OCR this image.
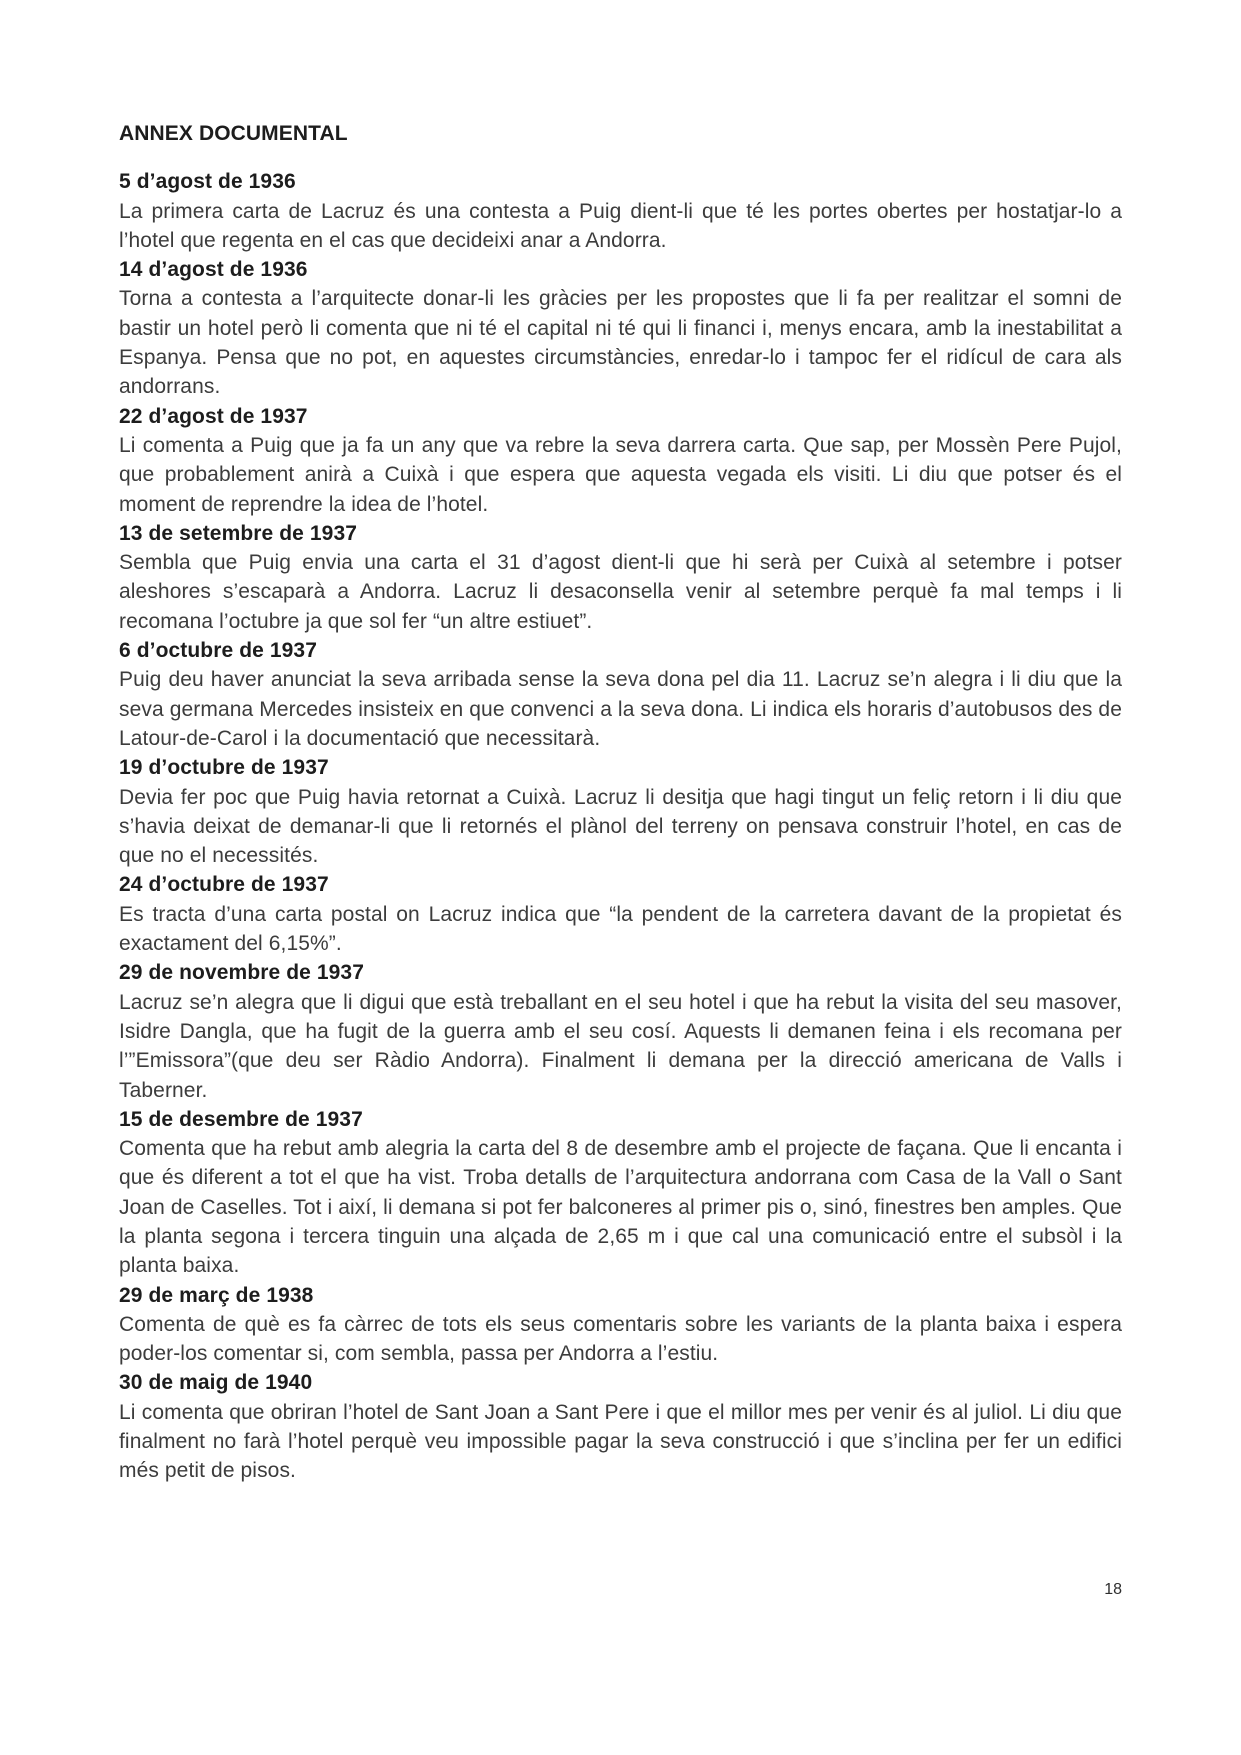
ANNEX DOCUMENTAL
5 d’agost de 1936

La primera carta de Lacruz és una contesta a Puig dient-li que té les portes obertes per hostatjar-lo a l’hotel que regenta en el cas que decideixi anar a Andorra.

14 d’agost de 1936

Torna a contesta a l’arquitecte donar-li les gràcies per les propostes que li fa per realitzar el somni de bastir un hotel però li comenta que ni té el capital ni té qui li financi i, menys encara, amb la inestabilitat a Espanya. Pensa que no pot, en aquestes circumstàncies, enredar-lo i tampoc fer el ridícul de cara als andorrans.

22 d’agost de 1937

Li comenta a Puig que ja fa un any que va rebre la seva darrera carta. Que sap, per Mossèn Pere Pujol, que probablement anirà a Cuixà i que espera que aquesta vegada els visiti. Li diu que potser és el moment de reprendre la idea de l’hotel.

13 de setembre de 1937

Sembla que Puig envia una carta el 31 d’agost dient-li que hi serà per Cuixà al setembre i potser aleshores s’escaparà a Andorra. Lacruz li desaconsella venir al setembre perquè fa mal temps i li recomana l’octubre ja que sol fer “un altre estiuet”.

6 d’octubre de 1937

Puig deu haver anunciat la seva arribada sense la seva dona pel dia 11. Lacruz se’n alegra i li diu que la seva germana Mercedes insisteix en que convenci a la seva dona. Li indica els horaris d’autobusos des de Latour-de-Carol i la documentació que necessitarà.

19 d’octubre de 1937

Devia fer poc que Puig havia retornat a Cuixà. Lacruz li desitja que hagi tingut un feliç retorn i li diu que s’havia deixat de demanar-li que li retornés el plànol del terreny on pensava construir l’hotel, en cas de que no el necessités.

24 d’octubre de 1937

Es tracta d’una carta postal on Lacruz indica que “la pendent de la carretera davant de la propietat és exactament del 6,15%”.

29 de novembre de 1937

Lacruz se’n alegra que li digui que està treballant en el seu hotel i que ha rebut la visita del seu masover, Isidre Dangla, que ha fugit de la guerra amb el seu cosí. Aquests li demanen feina i els recomana per l’”Emissora”(que deu ser Ràdio Andorra). Finalment li demana per la direcció americana de Valls i Taberner.

15 de desembre de 1937

Comenta que ha rebut amb alegria la carta del 8 de desembre amb el projecte de façana. Que li encanta i que és diferent a tot el que ha vist. Troba detalls de l’arquitectura andorrana com Casa de la Vall o Sant Joan de Caselles. Tot i així, li demana si pot fer balconeres al primer pis o, sinó, finestres ben amples. Que la planta segona i tercera tinguin una alçada de 2,65 m i que cal una comunicació entre el subsòl i la planta baixa.

29 de març de 1938

Comenta de què es fa càrrec de tots els seus comentaris sobre les variants de la planta baixa i espera poder-los comentar si, com sembla, passa per Andorra a l’estiu.

30 de maig de 1940

Li comenta que obriran l’hotel de Sant Joan a Sant Pere i que el millor mes per venir és al juliol. Li diu que finalment no farà l’hotel perquè veu impossible pagar la seva construcció i que s’inclina per fer un edifici més petit de pisos.

18
